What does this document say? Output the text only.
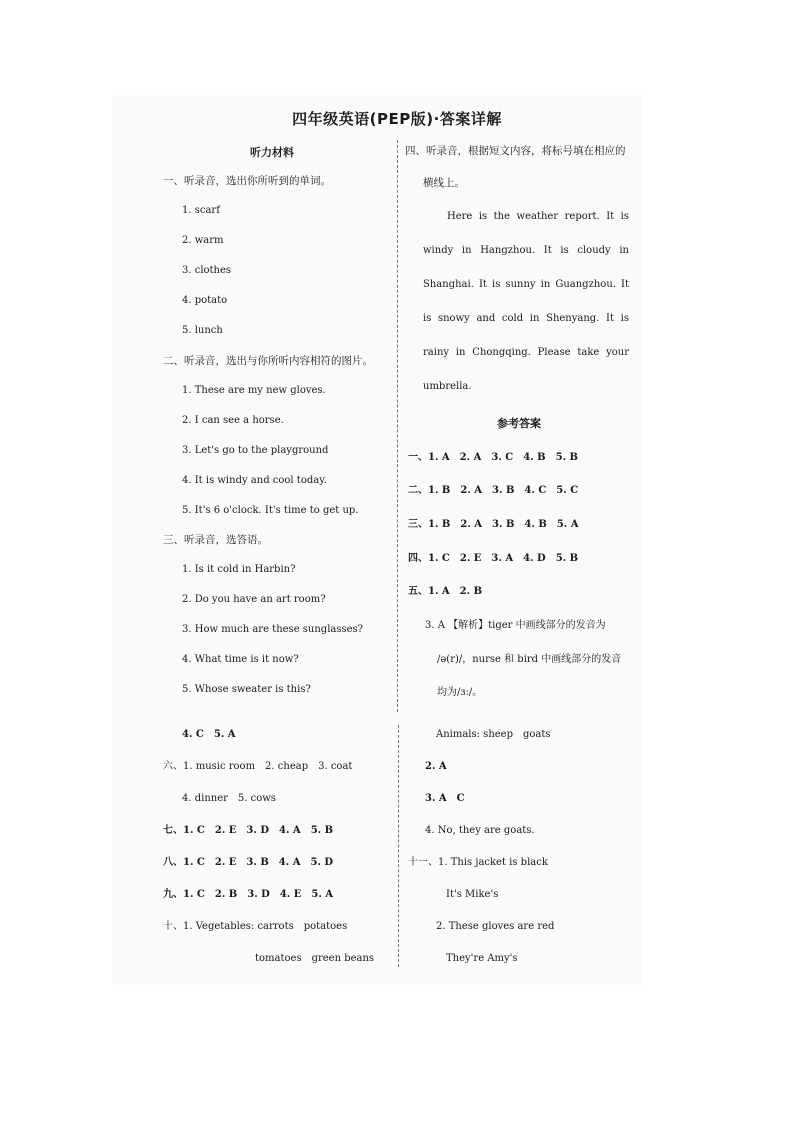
四年级英语(PEP版)·答案详解
听力材料
一、听录音，选出你所听到的单词。
1. scarf
2. warm
3. clothes
4. potato
5. lunch
二、听录音，选出与你所听内容相符的图片。
1. These are my new gloves.
2. I can see a horse.
3. Let's go to the playground
4. It is windy and cool today.
5. It's 6 o'clock. It's time to get up.
三、听录音，选答语。
1. Is it cold in Harbin?
2. Do you have an art room?
3. How much are these sunglasses?
4. What time is it now?
5. Whose sweater is this?
四、听录音，根据短文内容，将标号填在相应的
横线上。
Here is the weather report. It is windy in Hangzhou. It is cloudy in Shanghai. It is sunny in Guangzhou. It is snowy and cold in Shenyang. It is rainy in Chongqing. Please take your umbrella.
参考答案
一、1. A　2. A　3. C　4. B　5. B
二、1. B　2. A　3. B　4. C　5. C
三、1. B　2. A　3. B　4. B　5. A
四、1. C　2. E　3. A　4. D　5. B
五、1. A　2. B
3. A 【解析】tiger 中画线部分的发音为
/ə(r)/，nurse 和 bird 中画线部分的发音
均为/ɜː/。
4. C　5. A
六、1. music room　2. cheap　3. coat
4. dinner　5. cows
七、1. C　2. E　3. D　4. A　5. B
八、1. C　2. E　3. B　4. A　5. D
九、1. C　2. B　3. D　4. E　5. A
十、1. Vegetables: carrots　potatoes
tomatoes　green beans
Animals: sheep　goats
2. A
3. A　C
4. No, they are goats.
十一、1. This jacket is black
It's Mike's
2. These gloves are red
They're Amy's
